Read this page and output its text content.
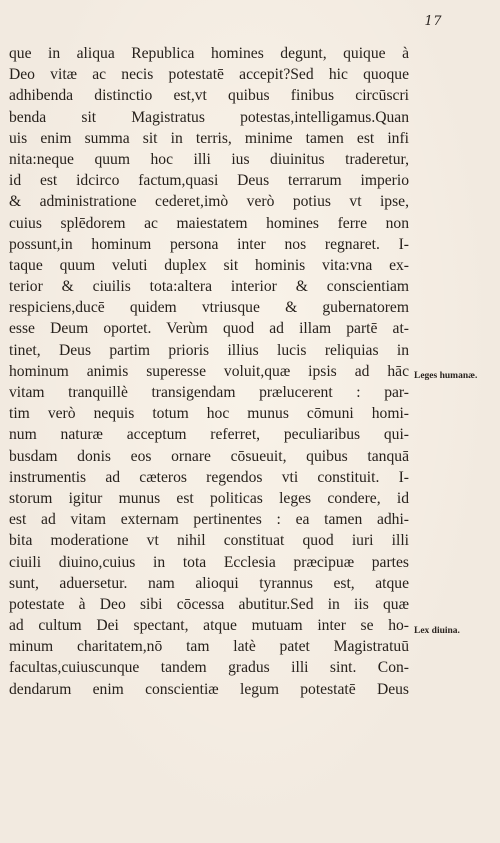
17
que in aliqua Republica homines degunt, quique à
Deo vitæ ac necis potestatē accepit?Sed hic quoque
adhibenda distinctio est,vt quibus finibus circūscri
benda sit Magistratus potestas,intelligamus.Quan
uis enim summa sit in terris, minime tamen est infi
nita:neque quum hoc illi ius diuinitus traderetur,
id est idcirco factum,quasi Deus terrarum imperio
& administratione cederet,imò verò potius vt ipse,
cuius splēdorem ac maiestatem homines ferre non
possunt,in hominum persona inter nos regnaret. I-
taque quum veluti duplex sit hominis vita:vna ex-
terior & ciuilis tota:altera interior & conscientiam
respiciens,ducē quidem vtriusque & gubernatorem
esse Deum oportet. Verùm quod ad illam partē at-
tinet, Deus partim prioris illius lucis reliquias in
hominum animis superesse voluit,quæ ipsis ad hāc
vitam tranquillè transigendam prælucerent : par-
tim verò nequis totum hoc munus cōmuni homi-
num naturæ acceptum referret, peculiaribus qui-
busdam donis eos ornare cōsueuit, quibus tanquā
instrumentis ad cæteros regendos vti constituit. I-
storum igitur munus est politicas leges condere, id
est ad vitam externam pertinentes : ea tamen adhi-
bita moderatione vt nihil constituat quod iuri illi
ciuili diuino,cuius in tota Ecclesia præcipuæ partes
sunt, aduersetur. nam alioqui tyrannus est, atque
potestate à Deo sibi cōcessa abutitur.Sed in iis quæ
ad cultum Dei spectant, atque mutuam inter se ho-
minum charitatem,nō tam latè patet Magistratuū
facultas,cuiuscunque tandem gradus illi sint. Con-
dendarum enim conscientiæ legum potestatē Deus
Leges humanæ.
Lex diuina.
